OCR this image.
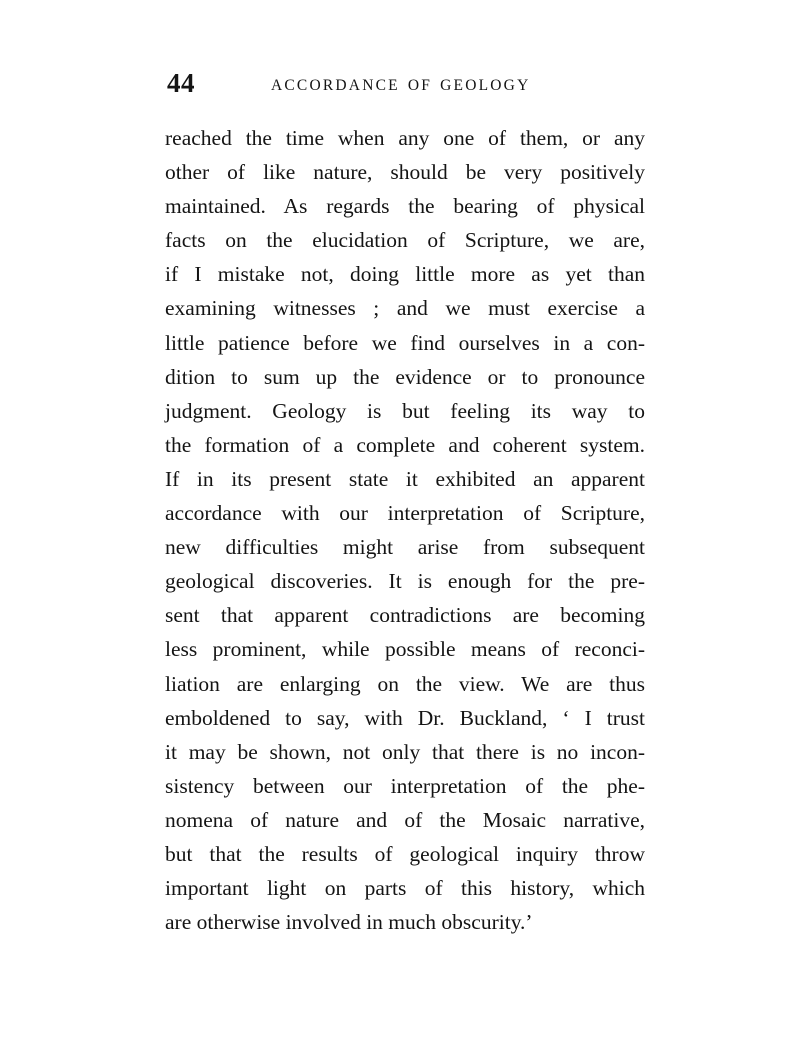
44	ACCORDANCE OF GEOLOGY
reached the time when any one of them, or any
other of like nature, should be very positively
maintained. As regards the bearing of physical
facts on the elucidation of Scripture, we are,
if I mistake not, doing little more as yet than
examining witnesses ; and we must exercise a
little patience before we find ourselves in a con-
dition to sum up the evidence or to pronounce
judgment. Geology is but feeling its way to
the formation of a complete and coherent system.
If in its present state it exhibited an apparent
accordance with our interpretation of Scripture,
new difficulties might arise from subsequent
geological discoveries. It is enough for the pre-
sent that apparent contradictions are becoming
less prominent, while possible means of reconci-
liation are enlarging on the view. We are thus
emboldened to say, with Dr. Buckland, ‘ I trust
it may be shown, not only that there is no incon-
sistency between our interpretation of the phe-
nomena of nature and of the Mosaic narrative,
but that the results of geological inquiry throw
important light on parts of this history, which
are otherwise involved in much obscurity.’
